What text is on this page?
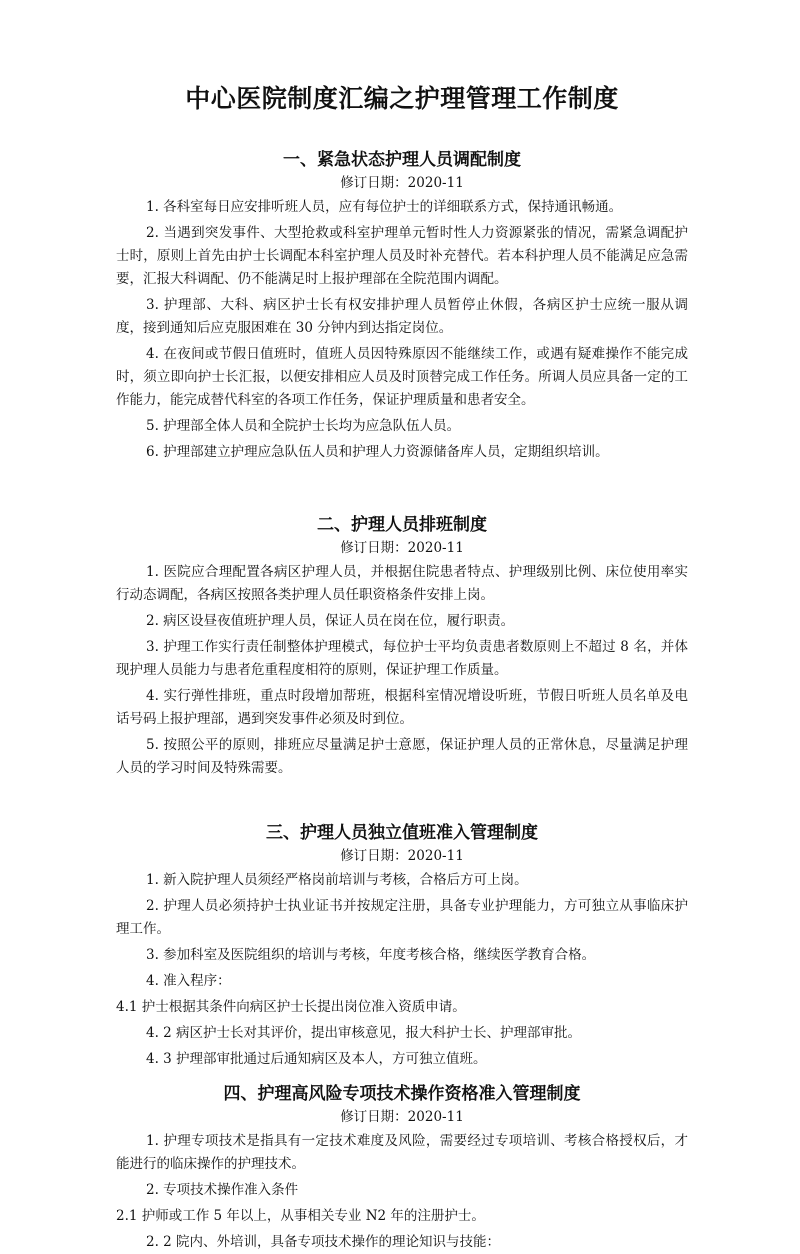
中心医院制度汇编之护理管理工作制度
一、紧急状态护理人员调配制度

修订日期：2020-11

1. 各科室每日应安排听班人员，应有每位护士的详细联系方式，保持通讯畅通。

2. 当遇到突发事件、大型抢救或科室护理单元暂时性人力资源紧张的情况，需紧急调配护士时，原则上首先由护士长调配本科室护理人员及时补充替代。若本科护理人员不能满足应急需要，汇报大科调配、仍不能满足时上报护理部在全院范围内调配。

3. 护理部、大科、病区护士长有权安排护理人员暂停止休假，各病区护士应统一服从调度，接到通知后应克服困难在 30 分钟内到达指定岗位。

4. 在夜间或节假日值班时，值班人员因特殊原因不能继续工作，或遇有疑难操作不能完成时，须立即向护士长汇报，以便安排相应人员及时顶替完成工作任务。所调人员应具备一定的工作能力，能完成替代科室的各项工作任务，保证护理质量和患者安全。

5. 护理部全体人员和全院护士长均为应急队伍人员。

6. 护理部建立护理应急队伍人员和护理人力资源储备库人员，定期组织培训。

二、护理人员排班制度

修订日期：2020-11

1. 医院应合理配置各病区护理人员，并根据住院患者特点、护理级别比例、床位使用率实行动态调配，各病区按照各类护理人员任职资格条件安排上岗。

2. 病区设昼夜值班护理人员，保证人员在岗在位，履行职责。

3. 护理工作实行责任制整体护理模式，每位护士平均负责患者数原则上不超过 8 名，并体现护理人员能力与患者危重程度相符的原则，保证护理工作质量。

4. 实行弹性排班，重点时段增加帮班，根据科室情况增设听班，节假日听班人员名单及电话号码上报护理部，遇到突发事件必须及时到位。

5. 按照公平的原则，排班应尽量满足护士意愿，保证护理人员的正常休息，尽量满足护理人员的学习时间及特殊需要。

三、护理人员独立值班准入管理制度

修订日期：2020-11

1. 新入院护理人员须经严格岗前培训与考核，合格后方可上岗。

2. 护理人员必须持护士执业证书并按规定注册，具备专业护理能力，方可独立从事临床护理工作。

3. 参加科室及医院组织的培训与考核，年度考核合格，继续医学教育合格。

4. 准入程序：

4.1 护士根据其条件向病区护士长提出岗位准入资质申请。

4. 2 病区护士长对其评价，提出审核意见，报大科护士长、护理部审批。

4. 3 护理部审批通过后通知病区及本人，方可独立值班。

四、护理高风险专项技术操作资格准入管理制度

修订日期：2020-11

1. 护理专项技术是指具有一定技术难度及风险，需要经过专项培训、考核合格授权后，才能进行的临床操作的护理技术。

2. 专项技术操作准入条件

2.1 护师或工作 5 年以上，从事相关专业 N2 年的注册护士。

2. 2 院内、外培训，具备专项技术操作的理论知识与技能：
